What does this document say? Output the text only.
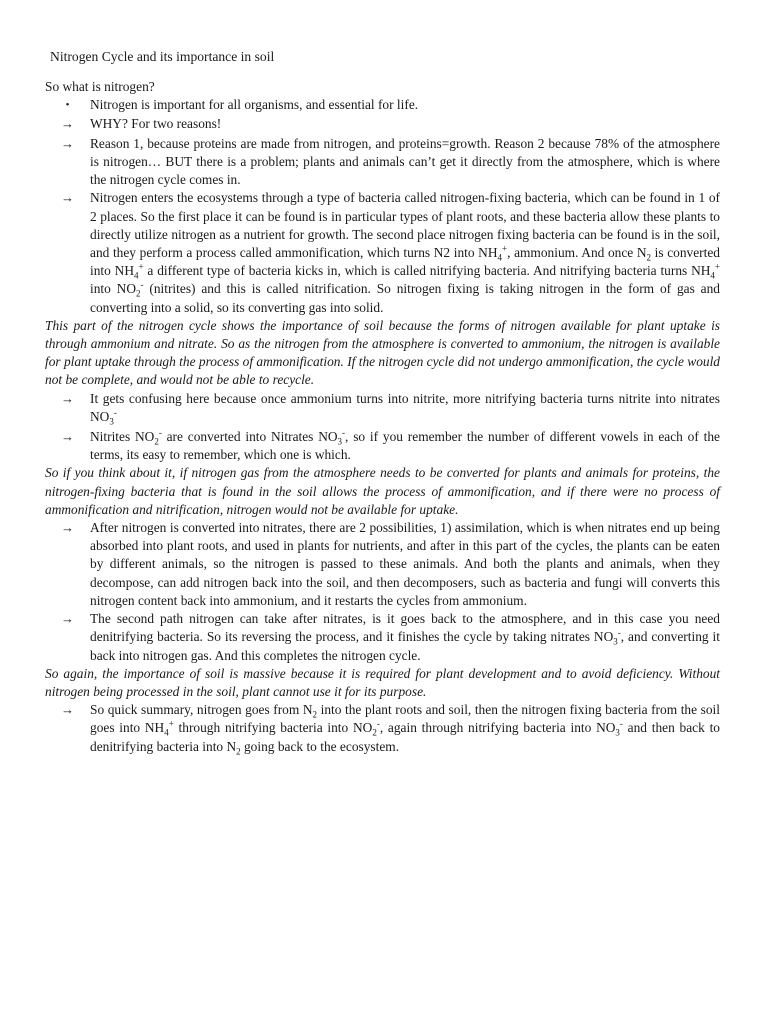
Nitrogen Cycle and its importance in soil
So what is nitrogen?
•	Nitrogen is important for all organisms, and essential for life.
→	WHY? For two reasons!
→	Reason 1, because proteins are made from nitrogen, and proteins=growth. Reason 2 because 78% of the atmosphere is nitrogen… BUT there is a problem; plants and animals can’t get it directly from the atmosphere, which is where the nitrogen cycle comes in.
→	Nitrogen enters the ecosystems through a type of bacteria called nitrogen-fixing bacteria, which can be found in 1 of 2 places. So the first place it can be found is in particular types of plant roots, and these bacteria allow these plants to directly utilize nitrogen as a nutrient for growth. The second place nitrogen fixing bacteria can be found is in the soil, and they perform a process called ammonification, which turns N2 into $NH_4^+$, ammonium. And once $N_2$ is converted into $NH_4^+$ a different type of bacteria kicks in, which is called nitrifying bacteria. And nitrifying bacteria turns $NH_4^+$ into $NO_2^-$ (nitrites) and this is called nitrification. So nitrogen fixing is taking nitrogen in the form of gas and converting into a solid, so its converting gas into solid.

This part of the nitrogen cycle shows the importance of soil because the forms of nitrogen available for plant uptake is through ammonium and nitrate. So as the nitrogen from the atmosphere is converted to ammonium, the nitrogen is available for plant uptake through the process of ammonification. If the nitrogen cycle did not undergo ammonification, the cycle would not be complete, and would not be able to recycle.

→	It gets confusing here because once ammonium turns into nitrite, more nitrifying bacteria turns nitrite into nitrates $NO_3^-$
→	Nitrites $NO_2^-$ are converted into Nitrates $NO_3^-$, so if you remember the number of different vowels in each of the terms, its easy to remember, which one is which.

So if you think about it, if nitrogen gas from the atmosphere needs to be converted for plants and animals for proteins, the nitrogen-fixing bacteria that is found in the soil allows the process of ammonification, and if there were no process of ammonification and nitrification, nitrogen would not be available for uptake.

→	After nitrogen is converted into nitrates, there are 2 possibilities, 1) assimilation, which is when nitrates end up being absorbed into plant roots, and used in plants for nutrients, and after in this part of the cycles, the plants can be eaten by different animals, so the nitrogen is passed to these animals. And both the plants and animals, when they decompose, can add nitrogen back into the soil, and then decomposers, such as bacteria and fungi will converts this nitrogen content back into ammonium, and it restarts the cycles from ammonium.
→	The second path nitrogen can take after nitrates, is it goes back to the atmosphere, and in this case you need denitrifying bacteria. So its reversing the process, and it finishes the cycle by taking nitrates $NO_3^-$, and converting it back into nitrogen gas. And this completes the nitrogen cycle.

So again, the importance of soil is massive because it is required for plant development and to avoid deficiency. Without nitrogen being processed in the soil, plant cannot use it for its purpose.

→	So quick summary, nitrogen goes from $N_2$ into the plant roots and soil, then the nitrogen fixing bacteria from the soil goes into $NH_4^+$ through nitrifying bacteria into $NO_2^-$, again through nitrifying bacteria into $NO_3^-$ and then back to denitrifying bacteria into $N_2$ going back to the ecosystem.
